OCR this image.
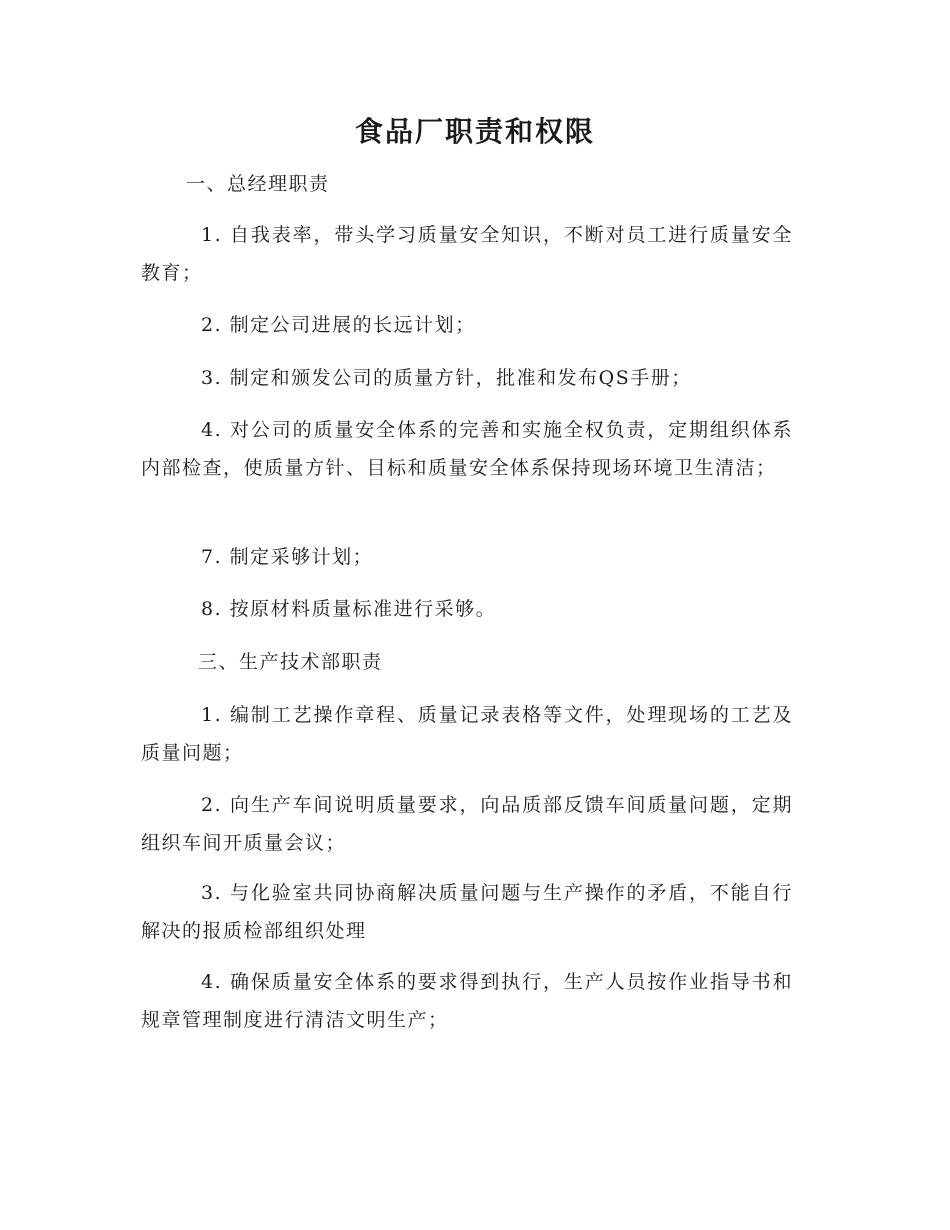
食品厂职责和权限
一、总经理职责

1. 自我表率，带头学习质量安全知识，不断对员工进行质量安全教育；

2. 制定公司进展的长远计划；

3. 制定和颁发公司的质量方针，批准和发布QS手册；

4. 对公司的质量安全体系的完善和实施全权负责，定期组织体系内部检查，使质量方针、目标和质量安全体系保持现场环境卫生清洁；

7. 制定采够计划；

8. 按原材料质量标准进行采够。

三、生产技术部职责

1. 编制工艺操作章程、质量记录表格等文件，处理现场的工艺及质量问题；

2. 向生产车间说明质量要求，向品质部反馈车间质量问题，定期组织车间开质量会议；

3. 与化验室共同协商解决质量问题与生产操作的矛盾，不能自行解决的报质检部组织处理

4. 确保质量安全体系的要求得到执行，生产人员按作业指导书和规章管理制度进行清洁文明生产；
